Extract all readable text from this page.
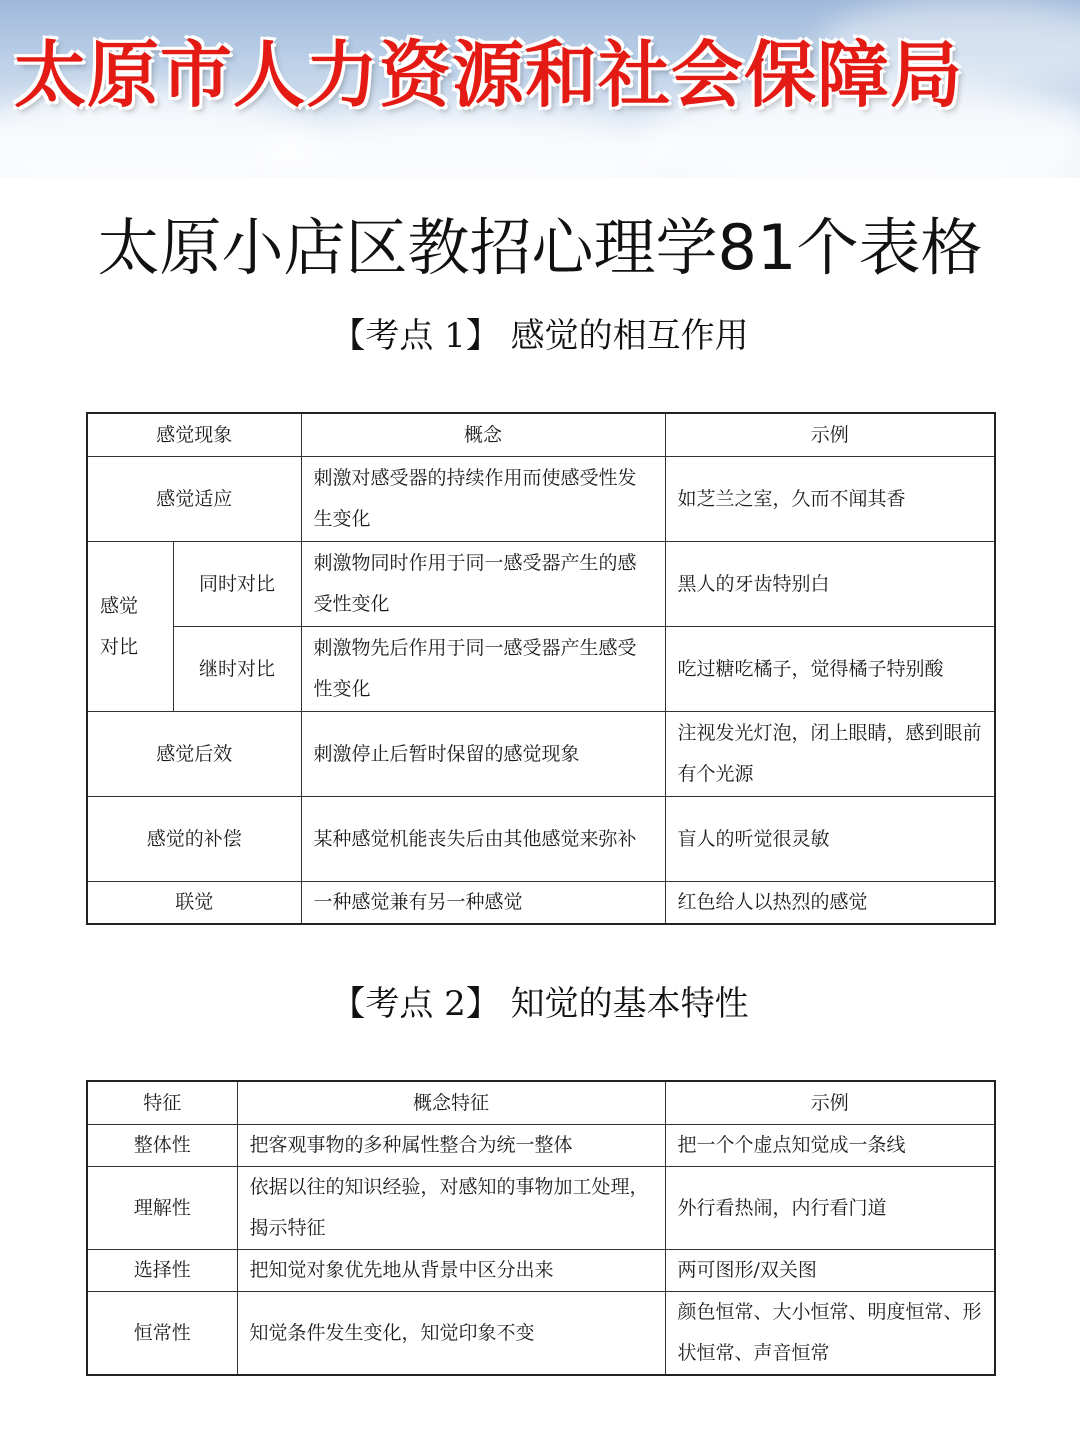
太原市人力资源和社会保障局
太原小店区教招心理学81个表格
【考点 1】 感觉的相互作用
感觉现象		概念	示例
感觉适应		刺激对感受器的持续作用而使感受性发生变化	如芝兰之室，久而不闻其香
感觉对比	同时对比	刺激物同时作用于同一感受器产生的感受性变化	黑人的牙齿特别白
	继时对比	刺激物先后作用于同一感受器产生感受性变化	吃过糖吃橘子，觉得橘子特别酸
感觉后效		刺激停止后暂时保留的感觉现象	注视发光灯泡，闭上眼睛，感到眼前有个光源
感觉的补偿		某种感觉机能丧失后由其他感觉来弥补	盲人的听觉很灵敏
联觉		一种感觉兼有另一种感觉	红色给人以热烈的感觉
【考点 2】 知觉的基本特性
特征	概念特征	示例
整体性	把客观事物的多种属性整合为统一整体	把一个个虚点知觉成一条线
理解性	依据以往的知识经验，对感知的事物加工处理，揭示特征	外行看热闹，内行看门道
选择性	把知觉对象优先地从背景中区分出来	两可图形/双关图
恒常性	知觉条件发生变化，知觉印象不变	颜色恒常、大小恒常、明度恒常、形状恒常、声音恒常
